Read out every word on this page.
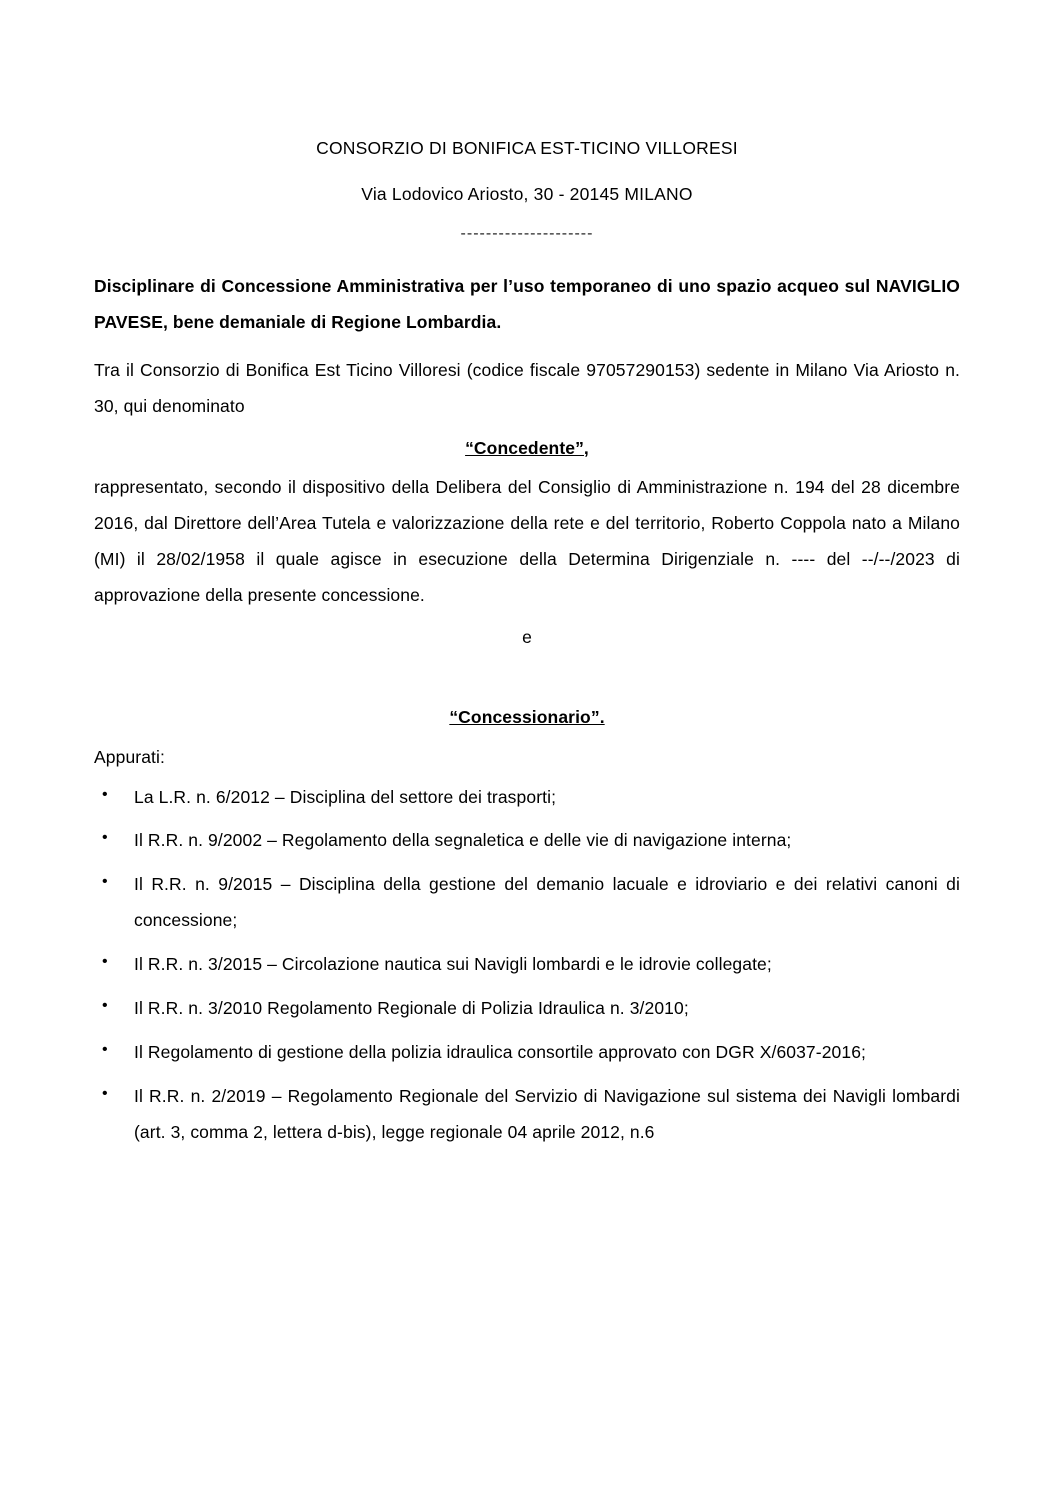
CONSORZIO DI BONIFICA EST-TICINO VILLORESI
Via Lodovico Ariosto, 30 - 20145 MILANO
---------------------

Disciplinare di Concessione Amministrativa per l’uso temporaneo di uno spazio acqueo sul NAVIGLIO PAVESE, bene demaniale di Regione Lombardia.

Tra il Consorzio di Bonifica Est Ticino Villoresi (codice fiscale 97057290153) sedente in Milano Via Ariosto n. 30, qui denominato

“Concedente”,

rappresentato, secondo il dispositivo della Delibera del Consiglio di Amministrazione n. 194 del 28 dicembre 2016, dal Direttore dell’Area Tutela e valorizzazione della rete e del territorio, Roberto Coppola nato a Milano (MI) il 28/02/1958 il quale agisce in esecuzione della Determina Dirigenziale n. ---- del --/--/2023 di approvazione della presente concessione.

e

“Concessionario”.

Appurati:

• La L.R. n. 6/2012 – Disciplina del settore dei trasporti;
• Il R.R. n. 9/2002 – Regolamento della segnaletica e delle vie di navigazione interna;
• Il R.R. n. 9/2015 – Disciplina della gestione del demanio lacuale e idroviario e dei relativi canoni di concessione;
• Il R.R. n. 3/2015 – Circolazione nautica sui Navigli lombardi e le idrovie collegate;
• Il R.R. n. 3/2010 Regolamento Regionale di Polizia Idraulica n. 3/2010;
• Il Regolamento di gestione della polizia idraulica consortile approvato con DGR X/6037-2016;
• Il R.R. n. 2/2019 – Regolamento Regionale del Servizio di Navigazione sul sistema dei Navigli lombardi (art. 3, comma 2, lettera d-bis), legge regionale 04 aprile 2012, n.6
